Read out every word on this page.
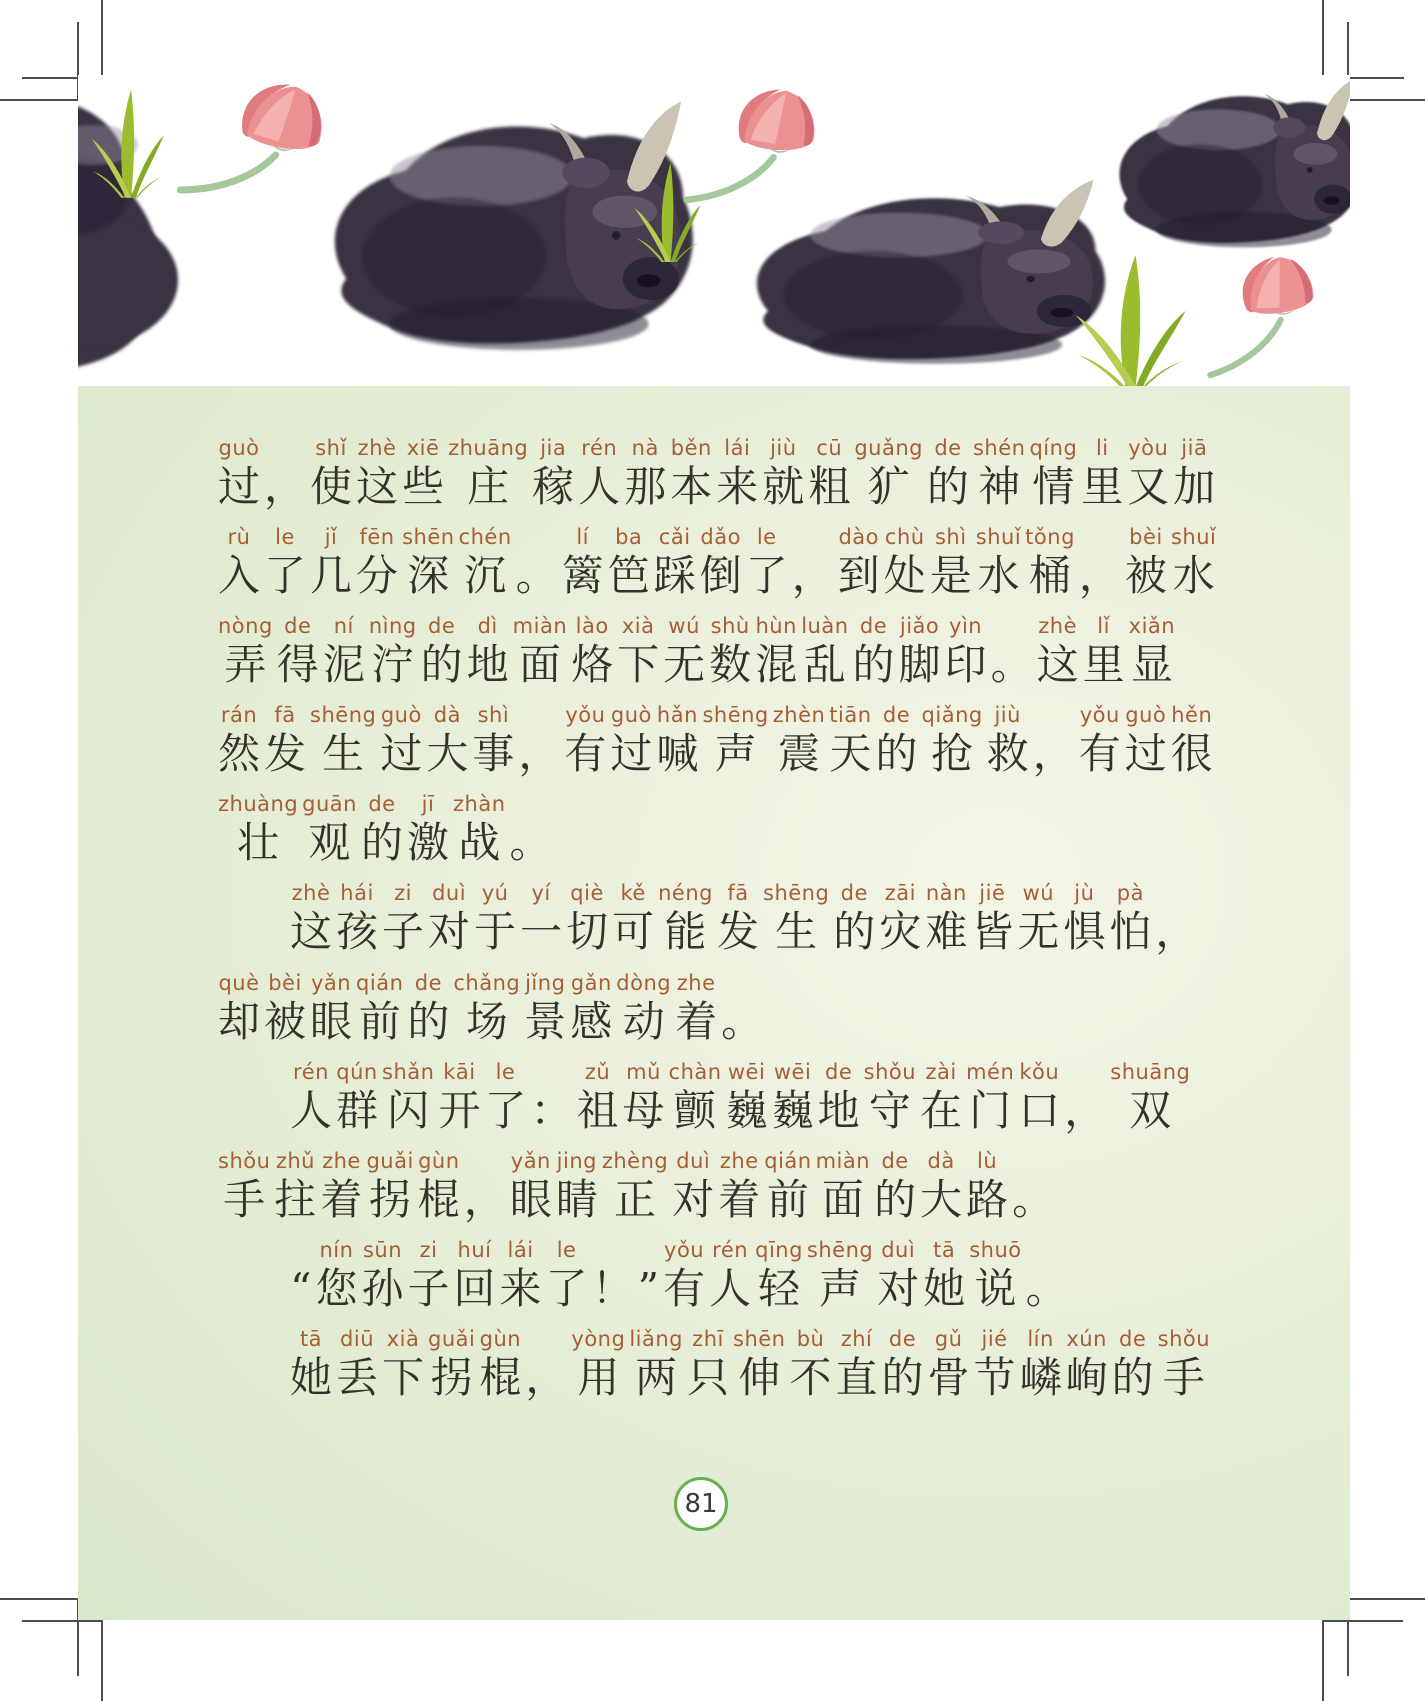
过guò，使shǐ这zhè些xiē庄zhuāng稼jia人rén那nà本běn来lái就jiù粗cū犷guǎng的de神shén情qíng里li又yòu加jiā
入rù了le几jǐ分fēn深shēn沉chén。篱lí笆ba踩cǎi倒dǎo了le，到dào处chù是shì水shuǐ桶tǒng，被bèi水shuǐ
弄nòng得de泥ní泞nìng的de地dì面miàn烙lào下xià无wú数shù混hùn乱luàn的de脚jiǎo印yìn。这zhè里lǐ显xiǎn
然rán发fā生shēng过guò大dà事shì，有yǒu过guò喊hǎn声shēng震zhèn天tiān的de抢qiǎng救jiù，有yǒu过guò很hěn
壮zhuàng观guān的de激jī战zhàn。
这zhè孩hái子zi对duì于yú一yí切qiè可kě能néng发fā生shēng的de灾zāi难nàn皆jiē无wú惧jù怕pà，
却què被bèi眼yǎn前qián的de场chǎng景jǐng感gǎn动dòng着zhe。
人rén群qún闪shǎn开kāi了le：祖zǔ母mǔ颤chàn巍wēi巍wēi地de守shǒu在zài门mén口kǒu，双shuāng
手shǒu拄zhǔ着zhe拐guǎi棍gùn，眼yǎn睛jing正zhèng对duì着zhe前qián面miàn的de大dà路lù。
“您nín孙sūn子zi回huí来lái了le！”有yǒu人rén轻qīng声shēng对duì她tā说shuō。
她tā丢diū下xià拐guǎi棍gùn，用yòng两liǎng只zhī伸shēn不bù直zhí的de骨gǔ节jié嶙lín峋xún的de手shǒu
81
